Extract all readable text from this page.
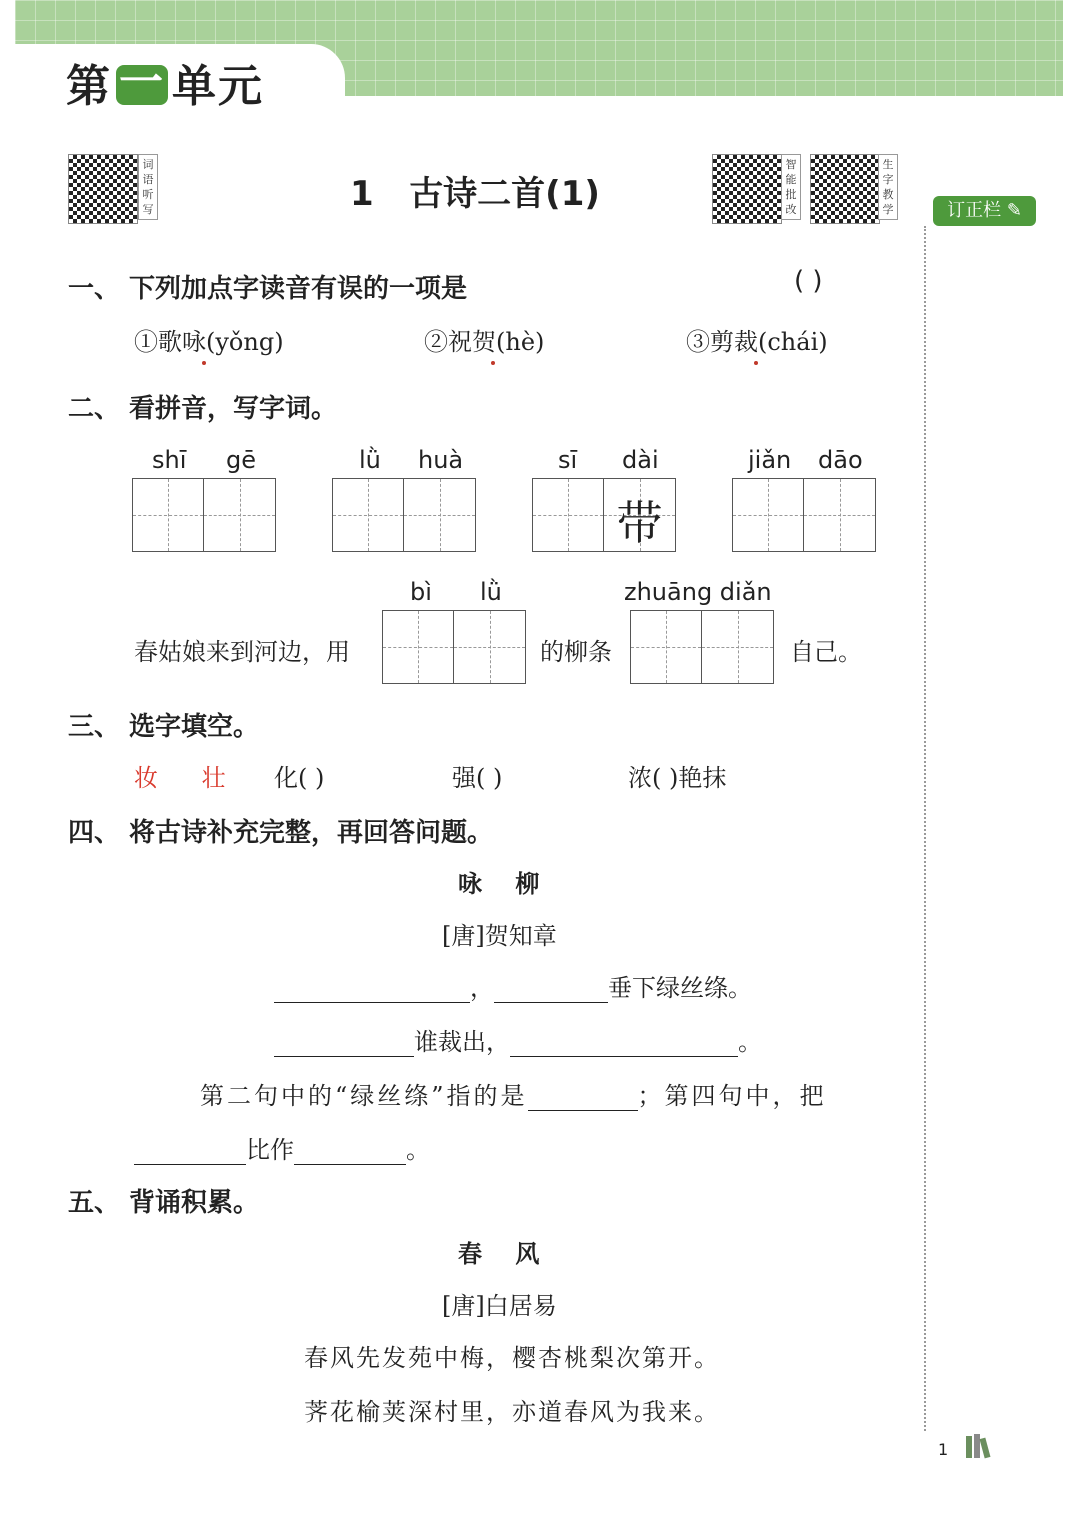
第 一 单元
词语听写
智能批改
生字教学
1 古诗二首(1)	订正栏 ✎
一、 下列加点字读音有误的一项是	( )
①歌咏(yǒng)	②祝贺(hè)	③剪裁(chái)
二、 看拼音，写字词。
shī gē	lǜ huà	sī dài	jiǎn dāo
带
bì lǜ	zhuāng diǎn
春姑娘来到河边，用	的柳条	自己。
三、 选字填空。
妆 壮 化( )	强( )	浓( )艳抹
四、 将古诗补充完整，再回答问题。
咏    柳
[唐]贺知章
，	垂下绿丝绦。
谁裁出，	。
第二句中的“绿丝绦”指的是	；第四句中，把
比作	。
五、 背诵积累。
春    风
[唐]白居易
春风先发苑中梅，樱杏桃梨次第开。
荠花榆荚深村里，亦道春风为我来。
1
